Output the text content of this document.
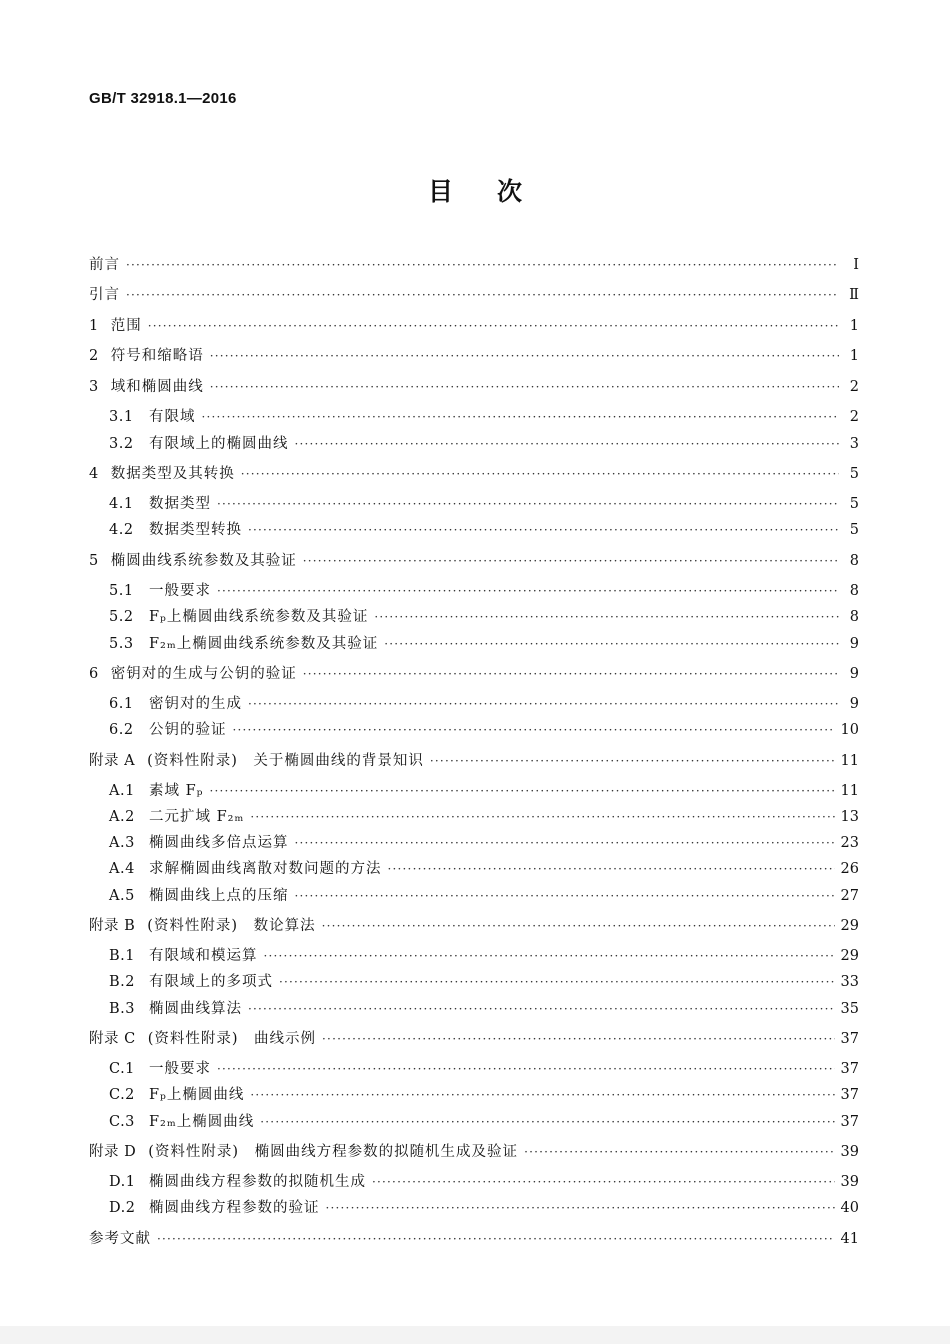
GB/T 32918.1—2016
目次
前言 ·····	Ⅰ
引言 ·····	Ⅱ
1 范围 ·····	1
2 符号和缩略语 ·····	1
3 域和椭圆曲线 ·····	2
3.1	有限域 ·····	2
3.2	有限域上的椭圆曲线 ·····	3
4 数据类型及其转换 ·····	5
4.1	数据类型 ·····	5
4.2	数据类型转换 ·····	5
5 椭圆曲线系统参数及其验证 ·····	8
5.1	一般要求 ·····	8
5.2	Fₚ上椭圆曲线系统参数及其验证 ·····	8
5.3	F₂ₘ上椭圆曲线系统参数及其验证 ·····	9
6 密钥对的生成与公钥的验证 ·····	9
6.1	密钥对的生成 ·····	9
6.2	公钥的验证 ·····	10
附录 A (资料性附录)　关于椭圆曲线的背景知识 ·····	11
A.1 素域 Fₚ ·····	11
A.2 二元扩域 F₂ₘ ·····	13
A.3 椭圆曲线多倍点运算 ·····	23
A.4 求解椭圆曲线离散对数问题的方法 ·····	26
A.5 椭圆曲线上点的压缩 ·····	27
附录 B (资料性附录)　数论算法 ·····	29
B.1 有限域和模运算 ·····	29
B.2 有限域上的多项式 ·····	33
B.3 椭圆曲线算法 ·····	35
附录 C (资料性附录)　曲线示例 ·····	37
C.1 一般要求 ·····	37
C.2 Fₚ上椭圆曲线 ·····	37
C.3 F₂ₘ上椭圆曲线 ·····	37
附录 D (资料性附录)　椭圆曲线方程参数的拟随机生成及验证 ·····	39
D.1 椭圆曲线方程参数的拟随机生成 ·····	39
D.2 椭圆曲线方程参数的验证 ·····	40
参考文献 ·····	41
